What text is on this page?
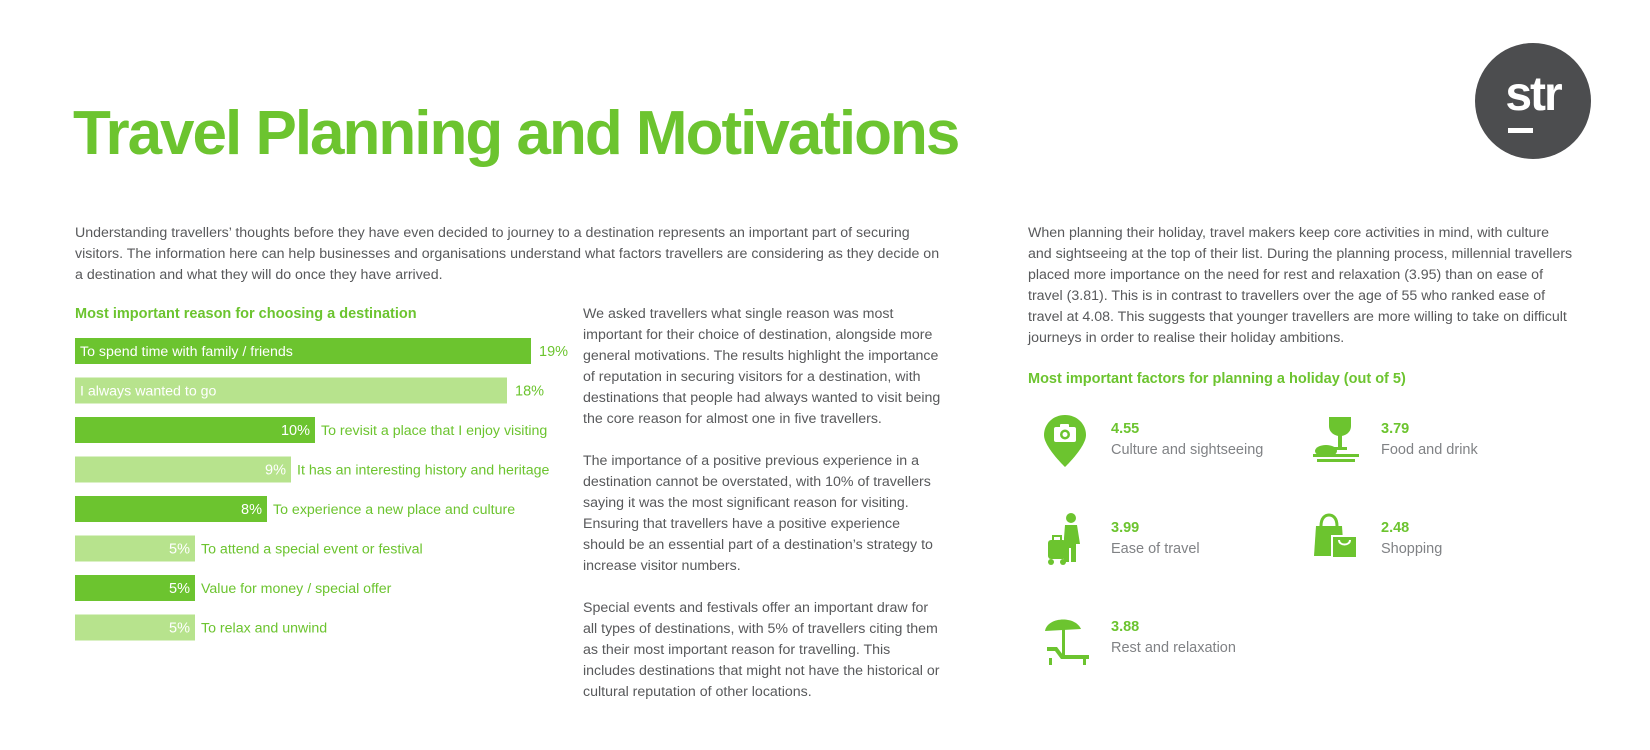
To spend time with family / friends	19%
I always wanted to go	18%
10% To revisit a place that I enjoy visiting
9% It has an interesting history and heritage
8% To experience a new place and culture
5% To attend a special event or festival
5% Value for money / special offer
5% To relax and unwind
Travel Planning and Motivations
str

Understanding travellers’ thoughts before they have even decided to journey to a destination represents an important part of securing visitors. The information here can help businesses and organisations understand what factors travellers are considering as they decide on a destination and what they will do once they have arrived.

Most important reason for choosing a destination	We asked travellers what single reason was most important for their choice of destination, alongside more general motivations. The results highlight the importance of reputation in securing visitors for a destination, with destinations that people had always wanted to visit being the core reason for almost one in five travellers.

The importance of a positive previous experience in a destination cannot be overstated, with 10% of travellers saying it was the most significant reason for visiting. Ensuring that travellers have a positive experience should be an essential part of a destination’s strategy to increase visitor numbers.

Special events and festivals offer an important draw for all types of destinations, with 5% of travellers citing them as their most important reason for travelling. This includes destinations that might not have the historical or cultural reputation of other locations.

When planning their holiday, travel makers keep core activities in mind, with culture and sightseeing at the top of their list. During the planning process, millennial travellers placed more importance on the need for rest and relaxation (3.95) than on ease of travel (3.81). This is in contrast to travellers over the age of 55 who ranked ease of travel at 4.08. This suggests that younger travellers are more willing to take on difficult journeys in order to realise their holiday ambitions.

Most important factors for planning a holiday (out of 5)
4.55
Culture and sightseeing
3.79
Food and drink
3.99
Ease of travel
2.48
Shopping
3.88
Rest and relaxation
